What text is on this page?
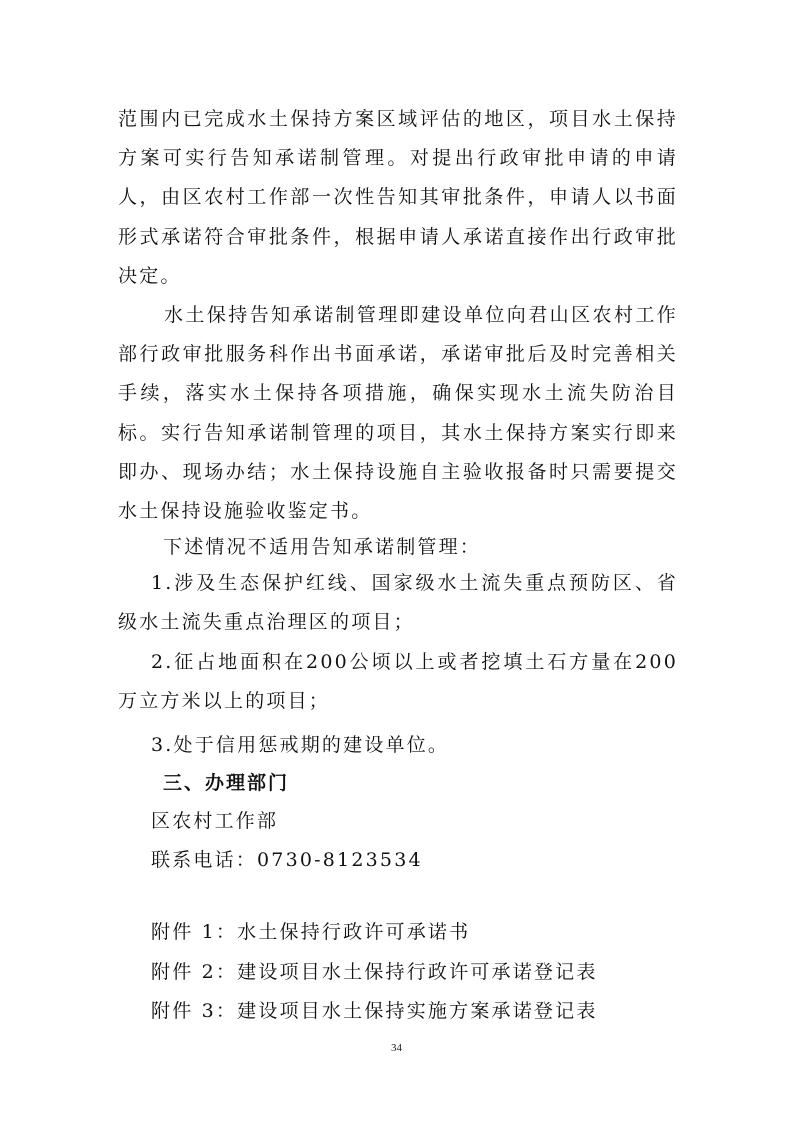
范围内已完成水土保持方案区域评估的地区，项目水土保持方案可实行告知承诺制管理。对提出行政审批申请的申请人，由区农村工作部一次性告知其审批条件，申请人以书面形式承诺符合审批条件，根据申请人承诺直接作出行政审批决定。

水土保持告知承诺制管理即建设单位向君山区农村工作部行政审批服务科作出书面承诺，承诺审批后及时完善相关手续，落实水土保持各项措施，确保实现水土流失防治目标。实行告知承诺制管理的项目，其水土保持方案实行即来即办、现场办结；水土保持设施自主验收报备时只需要提交水土保持设施验收鉴定书。

下述情况不适用告知承诺制管理：

1.涉及生态保护红线、国家级水土流失重点预防区、省级水土流失重点治理区的项目；

2.征占地面积在200公顷以上或者挖填土石方量在200万立方米以上的项目；

3.处于信用惩戒期的建设单位。

三、办理部门

区农村工作部

联系电话：0730-8123534

附件 1：水土保持行政许可承诺书

附件 2：建设项目水土保持行政许可承诺登记表

附件 3：建设项目水土保持实施方案承诺登记表

34
